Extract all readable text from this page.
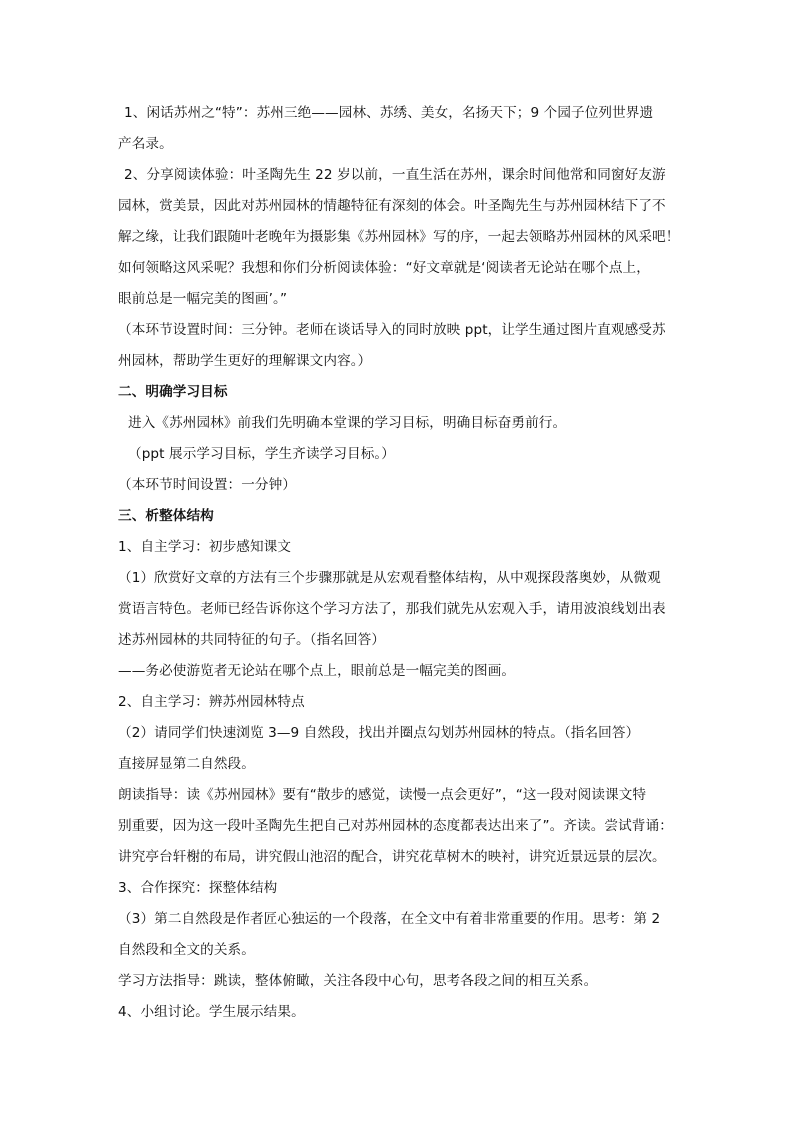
1、闲话苏州之“特”：苏州三绝——园林、苏绣、美女，名扬天下；9 个园子位列世界遗
产名录。
2、分享阅读体验：叶圣陶先生 22 岁以前，一直生活在苏州，课余时间他常和同窗好友游
园林，赏美景，因此对苏州园林的情趣特征有深刻的体会。叶圣陶先生与苏州园林结下了不
解之缘，让我们跟随叶老晚年为摄影集《苏州园林》写的序，一起去领略苏州园林的风采吧！
如何领略这风采呢？我想和你们分析阅读体验：“好文章就是‘阅读者无论站在哪个点上，
眼前总是一幅完美的图画’。”
（本环节设置时间：三分钟。老师在谈话导入的同时放映 ppt，让学生通过图片直观感受苏
州园林，帮助学生更好的理解课文内容。）
二、明确学习目标
进入《苏州园林》前我们先明确本堂课的学习目标，明确目标奋勇前行。
（ppt 展示学习目标，学生齐读学习目标。）
（本环节时间设置：一分钟）
三、析整体结构
1、自主学习：初步感知课文
（1）欣赏好文章的方法有三个步骤那就是从宏观看整体结构，从中观探段落奥妙，从微观
赏语言特色。老师已经告诉你这个学习方法了，那我们就先从宏观入手，请用波浪线划出表
述苏州园林的共同特征的句子。（指名回答）
——务必使游览者无论站在哪个点上，眼前总是一幅完美的图画。
2、自主学习：辨苏州园林特点
（2）请同学们快速浏览 3—9 自然段，找出并圈点勾划苏州园林的特点。（指名回答）
直接屏显第二自然段。
朗读指导：读《苏州园林》要有“散步的感觉，读慢一点会更好”，“这一段对阅读课文特
别重要，因为这一段叶圣陶先生把自己对苏州园林的态度都表达出来了”。齐读。尝试背诵：
讲究亭台轩榭的布局，讲究假山池沼的配合，讲究花草树木的映衬，讲究近景远景的层次。
3、合作探究：探整体结构
（3）第二自然段是作者匠心独运的一个段落，在全文中有着非常重要的作用。思考：第 2
自然段和全文的关系。
学习方法指导：跳读，整体俯瞰，关注各段中心句，思考各段之间的相互关系。
4、小组讨论。学生展示结果。
